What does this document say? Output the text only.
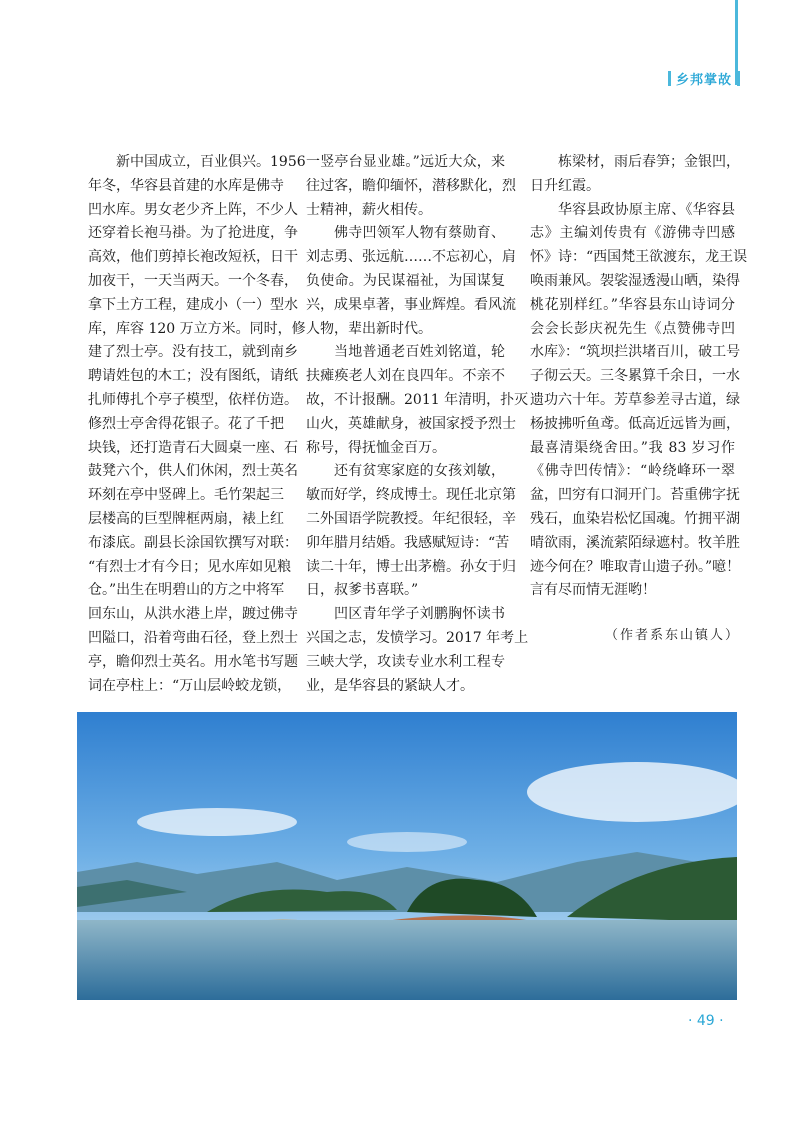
乡邦掌故
新中国成立，百业俱兴。1956
年冬，华容县首建的水库是佛寺
凹水库。男女老少齐上阵，不少人
还穿着长袍马褂。为了抢进度，争
高效，他们剪掉长袍改短袄，日干
加夜干，一天当两天。一个冬春，
拿下土方工程，建成小（一）型水
库，库容 120 万立方米。同时，修
建了烈士亭。没有技工，就到南乡
聘请姓包的木工；没有图纸，请纸
扎师傅扎个亭子模型，依样仿造。
修烈士亭舍得花银子。花了千把
块钱，还打造青石大圆桌一座、石
鼓凳六个，供人们休闲，烈士英名
环刻在亭中竖碑上。毛竹架起三
层楼高的巨型牌框两扇，裱上红
布漆底。副县长涂国钦撰写对联：
“有烈士才有今日；见水库如见粮
仓。”出生在明碧山的方之中将军
回东山，从洪水港上岸，踱过佛寺
凹隘口，沿着弯曲石径，登上烈士
亭，瞻仰烈士英名。用水笔书写题
词在亭柱上：“万山层岭蛟龙锁，
一竖亭台显业雄。”远近大众，来
往过客，瞻仰缅怀，潜移默化，烈
士精神，薪火相传。
佛寺凹领军人物有蔡勋育、
刘志勇、张远航……不忘初心，肩
负使命。为民谋福祉，为国谋复
兴，成果卓著，事业辉煌。看风流
人物，辈出新时代。
当地普通老百姓刘铭道，轮
扶瘫痪老人刘在良四年。不亲不
故，不计报酬。2011 年清明，扑灭
山火，英雄献身，被国家授予烈士
称号，得抚恤金百万。
还有贫寒家庭的女孩刘敏，
敏而好学，终成博士。现任北京第
二外国语学院教授。年纪很轻，辛
卯年腊月结婚。我感赋短诗：“苦
读二十年，博士出茅檐。孙女于归
日，叔爹书喜联。”
凹区青年学子刘鹏胸怀读书
兴国之志，发愤学习。2017 年考上
三峡大学，攻读专业水利工程专
业，是华容县的紧缺人才。
栋梁材，雨后春笋；金银凹，
日升红霞。
华容县政协原主席、《华容县
志》主编刘传贵有《游佛寺凹感
怀》诗：“西国梵王欲渡东，龙王误
唤雨兼风。袈裟湿透漫山晒，染得
桃花别样红。”华容县东山诗词分
会会长彭庆祝先生《点赞佛寺凹
水库》：“筑坝拦洪堵百川，破工号
子彻云天。三冬累算千余日，一水
遗功六十年。芳草参差寻古道，绿
杨披拂听鱼鸢。低高近远皆为画，
最喜清渠绕舍田。”我 83 岁习作
《佛寺凹传情》：“岭绕峰环一翠
盆，凹穷有口洞开门。苔重佛字抚
残石，血染岩松忆国魂。竹拥平湖
晴欲雨，溪流萦陌绿遮村。牧羊胜
迹今何在？唯取青山遗子孙。”噫！
言有尽而情无涯哟！
（作者系东山镇人）
· 49 ·
